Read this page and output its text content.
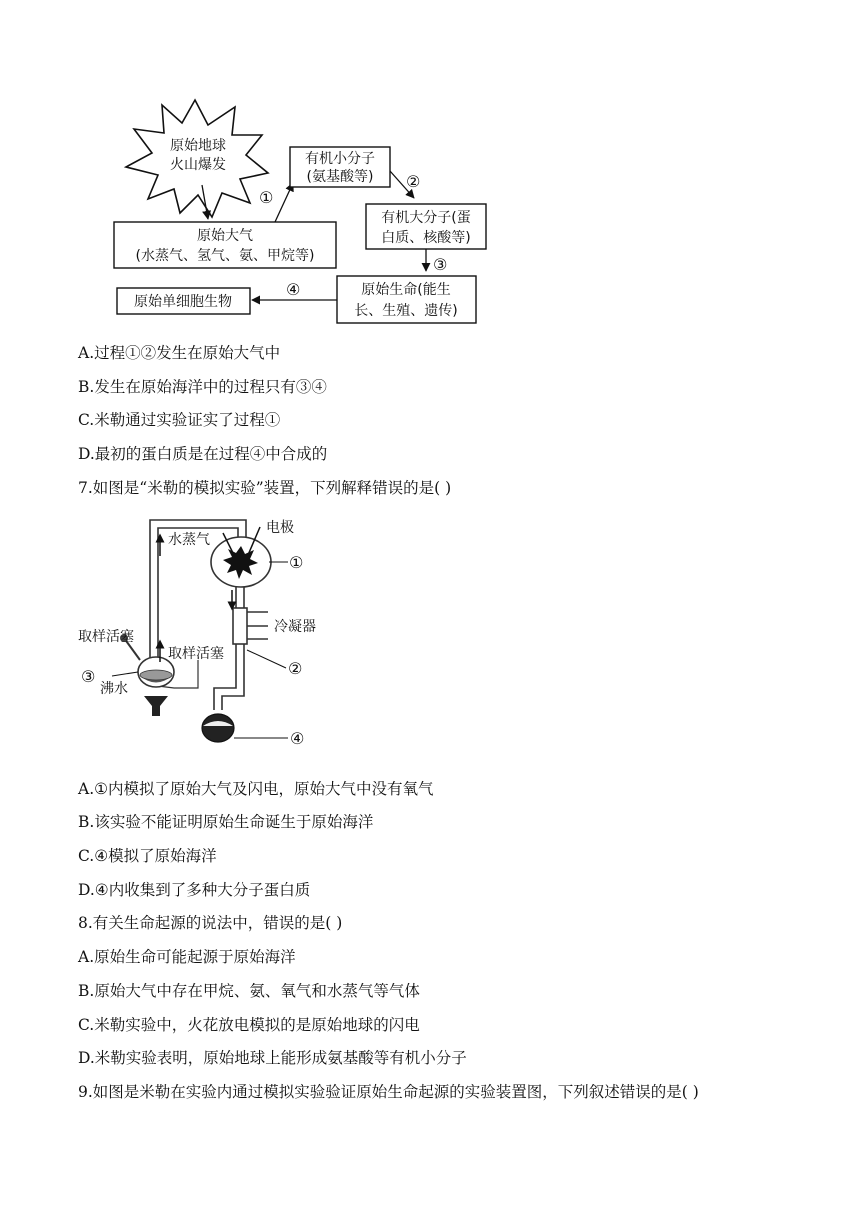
原始地球
火山爆发
原始大气
(水蒸气、氢气、氨、甲烷等)
①
有机小分子
(氨基酸等) ②
有机大分子(蛋
白质、核酸等)
③
原始生命(能生
长、生殖、遗传)
④
原始单细胞生物
A.过程①②发生在原始大气中
B.发生在原始海洋中的过程只有③④
C.米勒通过实验证实了过程①
D.最初的蛋白质是在过程④中合成的
7.如图是“米勒的模拟实验”装置，下列解释错误的是( )
水蒸气
电极
冷凝器
取样活塞
取样活塞
沸水
①
②
③
④
A.①内模拟了原始大气及闪电，原始大气中没有氧气
B.该实验不能证明原始生命诞生于原始海洋
C.④模拟了原始海洋
D.④内收集到了多种大分子蛋白质
8.有关生命起源的说法中，错误的是( )
A.原始生命可能起源于原始海洋
B.原始大气中存在甲烷、氨、氧气和水蒸气等气体
C.米勒实验中，火花放电模拟的是原始地球的闪电
D.米勒实验表明，原始地球上能形成氨基酸等有机小分子
9.如图是米勒在实验内通过模拟实验验证原始生命起源的实验装置图，下列叙述错误的是( )
